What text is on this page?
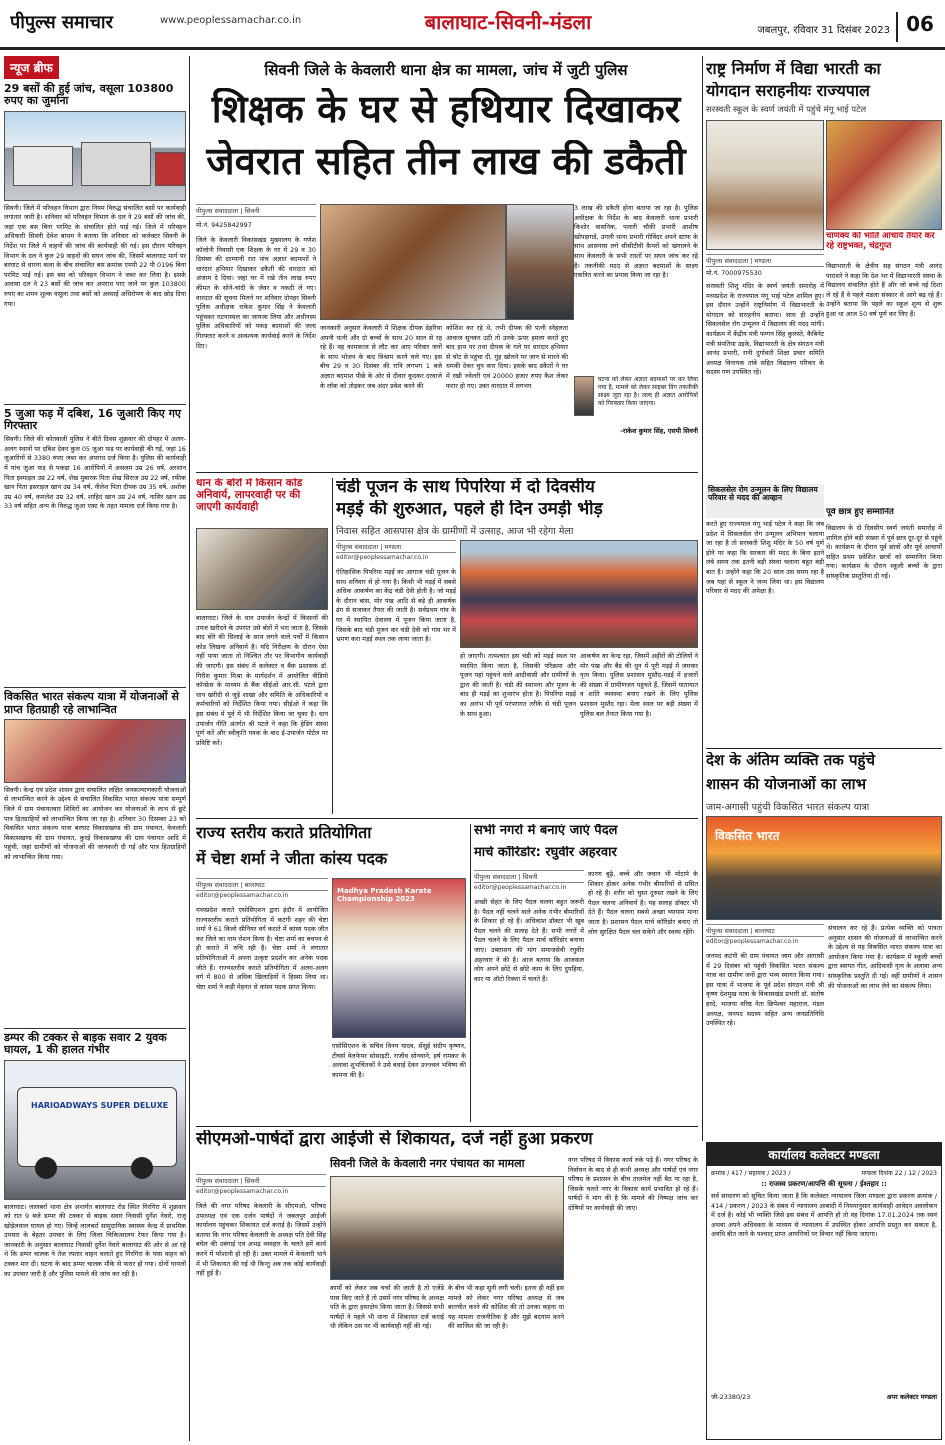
पीपुल्स समाचार	www.peoplessamachar.co.in	बालाघाट-सिवनी-मंडला	जबलपुर, रविवार 31 दिसंबर 2023 06
न्यूज ब्रीफ
29 बसों की हुई जांच, वसूला 103800 रुपए का जुर्माना
सिवनी। जिले में परिवहन विभाग द्वारा नियम विरुद्ध संचालित बसों पर कार्यवाही लगातार जारी है। शनिवार को परिवहन विभाग के दल ने 29 बसों की जांच की, जहां एक बस बिना परमिट के संचालित होते पाई गई। जिले में परिवहन अधिकारी सिवनी देवेश बाथम ने बताया कि शनिवार को कलेक्टर सिवनी के निर्देश पर जिले में वाहनों की जांच की कार्यवाही की गई। इस दौरान परिवहन विभाग के दल ने कुल 29 वाहनों की सघन जांच की, जिसमें बालाघाट मार्ग पर बरघाट से धारना कला के बीच संचालित बस क्रमांक एमपी 22 पी 0196 बिना परमिट पाई गई। इस बस को परिवहन विभाग ने जब्त कर लिया है। इसके अलावा दल ने 23 बसों की जांच कर अपराध पाए जाने पर कुल 103800 रुपए का शमन शुल्क वसूला तथा बसों को अस्थाई अधिरोपण के बाद छोड़ दिया गया।
5 जुआ फड़ में दबिश, 16 जुआरी किए गए गिरफ्तार
सिवनी। जिले की कोतवाली पुलिस ने बीते दिवस शुक्रवार की दोपहर में अलग-अलग स्थानों पर दबिश देकर कुल 05 जुआ फड़ पर कार्यवाही की गई, जहां 16 जुआरियों से 3380 रुपए जब्त कर अपराध दर्ज किया है। पुलिस की कार्यवाही में पांच जुआ फड़ से पकड़ा 16 आरोपियों में असलम उम्र 26 वर्ष, अरशान पिता इस्माइल उम्र 22 वर्ष, शेख मुबारक पिता शेख सिराज उम्र 22 वर्ष, रफीक खान पिता इसराइल खान उम्र 34 वर्ष, नीलेश पिता दीपक उम्र 35 वर्ष, अशोक उम्र 40 वर्ष, कमलेश उम्र 32 वर्ष, शाहिद खान उम्र 24 वर्ष, नासिर खान उम्र 33 वर्ष सहित अन्य के विरुद्ध जुआ एक्ट के तहत मामला दर्ज किया गया है।
विकसित भारत संकल्प यात्रा में योजनाओं से प्राप्त हितग्राही रहे लाभान्वित
सिवनी। केन्द्र एवं प्रदेश शासन द्वारा संचालित लक्षित जनकल्याणकारी योजनाओं से लाभान्वित करने के उद्देश्य से संचालित विकसित भारत संकल्प यात्रा सम्पूर्ण जिले में ग्राम पंचायतवार शिविरों का आयोजन कर योजनाओं के लाभ से छूटे पात्र हितग्राहियों को लाभान्वित किया जा रहा है। शनिवार 30 दिसम्बर 23 को विकसित भारत संकल्प यात्रा बरघाट विकासखण्ड की ग्राम पंचायत, केवलारी विकासखण्ड की ग्राम पंचायत, कुरई विकासखण्ड की ग्राम पंचायत आदि में पहुंची, जहां ग्रामीणों को योजनाओं की जानकारी दी गई और पात्र हितग्राहियों को लाभान्वित किया गया।
डम्पर की टक्कर से बाइक सवार 2 युवक घायल, 1 की हालत गंभीर
HARIOADWAYS SUPER DELUXE
बालाघाट। लालबर्रा थाना क्षेत्र अन्तर्गत बालाघाट रोड स्थित गिरगिरा में शुक्रवार को रात 9 बजे डम्पर की टक्कर से बाइक सवार निवासी दुर्गेश नेवारे, राजू खोड़ेलवाल घायल हो गए। जिन्हें लालबर्रा सामुदायिक स्वास्थ्य केन्द्र में प्राथमिक उपचार के बेहतर उपचार के लिए जिला चिकित्सालय रेफर किया गया है। जानकारी के अनुसार बालाघाट निवासी दुर्गेश नेवारे बालाघाट की ओर से आ रहे थे कि डम्पर चालक ने तेज रफ्तार वाहन चलाते हुए गिरगिरा के पास वाहन को टक्कर मार दी। घटना के बाद डम्पर चालक मौके से फरार हो गया। दोनों घायलों का उपचार जारी है और पुलिस मामले की जांच कर रही है।
सिवनी जिले के केवलारी थाना क्षेत्र का मामला, जांच में जुटी पुलिस
शिक्षक के घर से हथियार दिखाकर
जेवरात सहित तीन लाख की डकैती
पीपुल्स संवाददाता | सिवनी
मो.नं. 9425842997
जिले के केवलारी विकासखंड मुख्यालय के गणेश कॉलोनी निवासी एक शिक्षक के घर में 29 व 30 दिसंबर की दरम्यानी रात पांच अज्ञात बदमाशों ने धारदार हथियार दिखाकर डकैती की वारदात को अंजाम दे दिया। जहां घर में रखे तीन लाख रुपए कीमत के सोने-चांदी के जेवर व नकदी ले गए। वारदात की सूचना मिलने पर शनिवार दोपहर सिवनी पुलिस अधीक्षक राकेश कुमार सिंह ने केवलारी पहुंचकर घटनास्थल का जायजा लिया और अधीनस्थ पुलिस अधिकारियों को पकड़ बदमाशों की जल्द गिरफ्तार करने व आवश्यक कार्यवाई करने के निर्देश दिए।
जानकारी अनुसार केवलारी में शिक्षक दीपक डेहरिया अपनी पत्नी और दो बच्चों के साथ 20 साल से रह रहे हैं। वह कामकाज से लौट कर आए परिवार जनों के साथ भोजन के बाद विश्राम करने चले गए। इस बीच 29 व 30 दिसंबर की रात्रि लगभग 1 बजे अज्ञात बदमाश पीछे के ओर से दीवार कूदकर दरवाजे के लॉक को तोड़कर जब अंदर प्रवेश करने की
कोशिश कर रहे थे, तभी दीपक की पत्नी स्नेहलता आवाज सुनकर उठी तो उनके ऊपर हमला करते हुए बाद हाथ पर तथा दीपक के गले पर धारदार हथियार से चोट से पहुंचा दी, मुंह खोलने पर जान से मारने की धमकी देकर चुप करा दिया। इसके बाद डकैतों ने घर में रखी ज्वेलरी एवं 20000 हजार रुपए कैश लेकर फरार हो गए। उक्त वारदात में लगभग
3 लाख की डकैती होना बताया जा रहा है। पुलिस अधीक्षक के निर्देश के बाद केवलारी थाना प्रभारी किशोर वासनिक, पलारी चौकी प्रभारी आशीष खोपड़ागडे, उगली थाना प्रभारी गोविंदर अपने स्टाफ के साथ आसपास लगे सीसीटीवी कैमरों को खंगालने के साथ केवलारी के सभी रास्तों पर सघन जांच कर रहे हैं। तकनीकी मदद से अज्ञात बदमाशों के साक्ष्य एकत्रित करने का प्रयास किया जा रहा है।
घटना को लेकर अज्ञात बदमाशों पर कर लिया गया है, मामले को लेकर साइबर विंग तकनीकी साक्ष्य जुटा रहा है। जल्द ही अज्ञात आरोपियों को गिरफ्तार किया जाएगा।
-राकेश कुमार सिंह, एसपी सिवनी
धान के बोरों में किसान कोड अनिवार्य, लापरवाही पर की जाएगी कार्यवाही
बालाघाट। जिले के धान उपार्जन केन्द्रों में किसानों की उपज खरीदने के उपरांत उसे बोरों में भरा जाता है, जिसके बाद बोरे की सिलाई के साथ लगने वाले पर्चों में किसान कोड लिखना अनिवार्य है। यदि निरीक्षण के दौरान ऐसा नहीं पाया जाता तो निश्चित तौर पर विभागीय कार्यवाही की जाएगी। इस संबंध में कलेक्टर व बैंक प्रशासक डॉ. गिरीश कुमार मिश्रा के मार्गदर्शन में आयोजित वीडियो कॉन्फ्रेंस के माध्यम से बैंक सीईओ आर.सी. पटले द्वारा धान खरीदी से जुड़े शाखा और समिति के अधिकारियों व कर्मचारियों को निर्देशित किया गया। सीईओ ने कहा कि इस संबंध में पूर्व में भी निर्देशित किया जा चुका है। धान उपार्जन नीति अंतर्गत श्री पटले ने कहा कि हेडिंग संस्था पूर्ण करें और स्वीकृति पत्रक के बाद ई-उपार्जन पोर्टल पर प्रविष्टि करें।
चंडी पूजन के साथ पिपरिया में दो दिवसीय
मड़ई की शुरुआत, पहले ही दिन उमड़ी भीड़
निवास सहित आसपास क्षेत्र के ग्रामीणों में उत्साह, आज भी रहेगा मेला
पीपुल्स संवाददाता | मण्डला
editor@peoplessamachar.co.in
ऐतिहासिक पिपरिया मड़ई का आगाज चंडी पूजन के साथ शनिवार से हो गया है। किसी भी मड़ई में सबसे अधिक आकर्षण का केंद्र चंडी देवी होती है। जो मड़ई के दौरान बांस, मोर पंख आदि से बड़े ही आकर्षक ढंग से सजाकर तैयार की जाती है। सर्वप्रथम गांव के घर में स्थापित देवालय में पूजन किया जाता है, जिसके बाद चंडी पूजन कर चंडी देवी को गांव भर में भ्रमण करा मड़ई स्थल तक लाया जाता है।
हो जाएगी। तत्पश्चात इस चंडी को मड़ई स्थल पर स्थापित किया जाता है, जिसकी परिक्रमा और पूजन यहां पहुंचने वाले आदीवासी और ग्रामीणों के द्वारा की जाती है। चंडी की स्थापना और पूजन के बाद ही मड़ई का शुभारंभ होता है। पिपरिया मड़ई का आरंभ भी पूर्व परंपरागत तरीके से चंडी पूजन के साथ हुआ।
आकर्षण का केन्द्र रहा, जिसमें अहीरों की टोलियों ने मोर पंख और बैंड की धुन में पूरी मड़ई में जमकर नृत्य किया। पुलिस प्रशासन मुस्तैद-मड़ई में हजारों की संख्या में ग्रामीणजन पहुंचते हैं, जिसमें यातायात व शांति व्यवस्था बनाए रखने के लिए पुलिस प्रशासन मुस्तैद रहा। मेला स्थल पर बड़ी संख्या में पुलिस बल तैनात किया गया है।
राष्ट्र निर्माण में विद्या भारती का
योगदान सराहनीयः राज्यपाल
सरस्वती स्कूल के स्वर्ण जयंती में पहुंचे मंगू भाई पटेल
पीपुल्स संवाददाता | मण्डला
मो.नं. 7000975530
चाणक्य की भांति आचार्य तैयार कर रहे राष्ट्रभक्त, चंद्रगुप्त
सरस्वती शिशु मंदिर के स्वर्ण जयंती समारोह में मध्यप्रदेश के राज्यपाल मंगू भाई पटेल शामिल हुए। इस दौरान उन्होंने राष्ट्रनिर्माण में विद्याभारती के योगदान को सराहनीय बताया। साथ ही उन्होंने सिकलसेल रोग उन्मूलन में विद्यालय की मदद मांगी। कार्यक्रम में केंद्रीय मंत्री फग्गन सिंह कुलस्ते, कैबिनेट मंत्री संपतिया उइके, विद्याभारती के क्षेत्र संगठन मंत्री आनंद प्रभारी, रानी दुर्गावती शिक्षा प्रचार समिति अध्यक्ष विनायक तांबे सहित विद्यालय परिवार के सदस्य गण उपस्थित रहे।
विद्याभारती के क्षेत्रीय सह संगठन मंत्री आनंद पाराशरे ने कहा कि देश भर में विद्याभारती संस्था के विद्यालय संचालित होते हैं और जो बच्चे नई दिशा ले रहे हैं वे पहले मंडला संस्कार से आगे बढ़ रहे हैं। उन्होंने बताया कि पहले का स्कूल शून्य से शुरू हुआ था आज 50 वर्ष पूर्ण कर लिए हैं।
सिकलसेल रोग उन्मूलन के लिए विद्यालय परिवार से मदद की आव्हान
करते हुए राज्यपाल मंगू भाई पटेल ने कहा कि जब प्रदेश में सिकलसेल रोग उन्मूलन अभियान चलाया जा रहा है तो सरस्वती शिशु मंदिर के 50 वर्ष पूर्ण होने पर कहा कि सरकार की मदद के बिना इतने लंबे समय तक इतनी बड़ी संस्था चलाना बहुत बड़ी बात है। उन्होंने कहा कि 20 साल उस समय रहा है जब यहां से स्कूल ने जन्म लिया था। इस विद्यालय परिवार से मदद की अपेक्षा है।
पूर्व छात्र हुए सम्मानित
विद्यालय के दो दिवसीय स्वर्ण जयंती समारोह में शामिल होने बड़ी संख्या में पूर्व छात्र दूर-दूर से पहुंचे थे। कार्यक्रम के दौरान पूर्व छात्रों और पूर्व आचार्यों सहित प्रथम प्रवेशित छात्रों को सम्मानित किया गया। कार्यक्रम के दौरान स्कूली बच्चों के द्वारा सांस्कृतिक प्रस्तुतियां दी गईं।
राज्य स्तरीय कराते प्रतियोगिता
में चेष्टा शर्मा ने जीता कांस्य पदक
पीपुल्स संवाददाता | बालाघाट
editor@peoplessamachar.co.in
मध्यप्रदेश कराते एसोसिएशन द्वारा इंदौर में आयोजित राज्यस्तरीय कराते प्रतियोगिता में कटंगी शहर की चेष्टा शर्मा ने 61 किलो सीनियर वर्ग कराते में कांस्य पदक जीत कर जिले का नाम रोशन किया है। चेष्टा शर्मा का बचपन से ही कराते में रुचि रही है। चेष्टा शर्मा ने लगातार प्रतियोगिताओं में अपना उत्कृष्ट प्रदर्शन कर अनेक पदक जीते हैं। राज्यस्तरीय कराते प्रतियोगिता में अलग-अलग वर्ग में 800 से अधिक खिलाड़ियों ने हिस्सा लिया था। चेष्टा शर्मा ने कड़ी मेहनत से कांस्य पदक प्राप्त किया।
Madhya Pradesh Karate Championship 2023
एसोसिएशन के सचिव विनय यादव, सेंसुई संदीप कृष्णन, टीचर्स वेलफेयर सोसाइटी, राजीव सोनवाने, हर्ष रामकर के अलावा शुभचिंतकों ने उसे बधाई देकर उज्ज्वल भविष्य की कामना की है।
सभी नगरों में बनाएं जाएं पैदल
मार्च कॉरिडोर: रघुवीर अहरवार
पीपुल्स संवाददाता | सिवनी
editor@peoplessamachar.co.in
अच्छी सेहत के लिए पैदल चलना बहुत जरूरी है। पैदल नहीं चलने वाले अनेक गंभीर बीमारियों के शिकार हो रहे हैं। अधिकांश डॉक्टर भी खूब पैदल चलने की सलाह देते हैं। सभी नगरों में पैदल चलने के लिए पैदल मार्च कॉरिडोर बनाया जाए। उक्ताशय की मांग समाजसेवी रघुवीर अहरवार ने की है। आज बताया कि आजकल लोग अपने छोटे से छोटे काम के लिए दुपहिया, कार या ऑटो रिक्शा में चलते हैं।
कारण बूढ़े, बच्चे और जवान भी मोटापे के शिकार होकर अनेक गंभीर बीमारियों से ग्रसित हो रहे हैं। शरीर को चुस्त दुरुस्त रखने के लिए पैदल चलना अनिवार्य है। यह सलाह डॉक्टर भी देते हैं। पैदल चलना सबसे अच्छा व्यायाम माना जाता है। प्रशासन पैदल मार्च कॉरिडोर बनाए तो लोग सुरक्षित पैदल चल सकेंगे और स्वस्थ रहेंगे।
देश के अंतिम व्यक्ति तक पहुंचे
शासन की योजनाओं का लाभ
जाम-अगासी पहुंची विकसित भारत संकल्प यात्रा
विकसित भारत
पीपुल्स संवाददाता | बालाघाट
editor@peoplessamachar.co.in
जनपद कटंगी की ग्राम पंचायत जाम और आगासी में 29 दिसंबर को पहुंची विकसित भारत संकल्प यात्रा का ग्रामीण जनों द्वारा भव्य स्वागत किया गया। इस यात्रा में भाजपा के पूर्व प्रदेश संगठन मंत्री श्री कृष्ण देशमुख यात्रा के विकासखंड प्रभारी डॉ. संतोष हरदे, भाजपा वरिष्ठ नेता छिपेश्वर महाराज, मंडल अध्यक्ष, जनपद सदस्य सहित अन्य जनप्रतिनिधि उपस्थित रहे।
संचालन कर रहे हैं। प्रत्येक व्यक्ति को पात्रता अनुसार शासन की योजनाओं से लाभान्वित करने के उद्देश्य से यह विकसित भारत संकल्प यात्रा का आयोजन किया गया है। कार्यक्रम में स्कूली बच्चों द्वारा स्वागत गीत, आदिवासी नृत्य के अलावा अन्य सांस्कृतिक प्रस्तुति दी गई। वहीं ग्रामीणों ने शासन की योजनाओं का लाभ लेने का संकल्प लिया।
सीएमओ-पार्षदों द्वारा आईजी से शिकायत, दर्ज नहीं हुआ प्रकरण
सिवनी जिले के केवलारी नगर पंचायत का मामला
पीपुल्स संवाददाता | सिवनी
editor@peoplessamachar.co.in
जिले की नगर परिषद केवलारी के सीएमओ, परिषद उपाध्यक्ष एवं एक दर्जन पार्षदों ने जबलपुर आईजी कार्यालय पहुंचकर शिकायत दर्ज कराई है। जिसमें उन्होंने बताया कि नगर परिषद केवलारी के अध्यक्ष पति देवी सिंह बघेल की दबंगाई एवं अभद्र व्यवहार के चलते हमें कार्य करने में परेशानी हो रही है। उक्त मामले में केवलारी थाने में भी शिकायत की गई थी किन्तु अब तक कोई कार्यवाही नहीं हुई है।
कार्यों को लेकर जब चर्चा की जाती है तो एजेंडे पास किए जाते हैं तो उसमें नगर परिषद के अध्यक्ष पति के द्वारा हस्तक्षेप किया जाता है। जिससे सभी पार्षदों ने पहले भी थाना में शिकायत दर्ज कराई थी लेकिन उस पर भी कार्यवाही नहीं की गई।
के बीच भी कहा सुनी लगी चली। इतना ही नहीं इस मामले को लेकर नगर परिषद अध्यक्ष से जब बातचीत करने की कोशिश की तो उनका कहना था यह मामला राजनीतिक है और मुझे बदनाम करने की साजिश की जा रही है।
नगर परिषद में विकास कार्य रुके पड़े हैं। नगर परिषद के निर्वाचन के बाद से ही कभी अध्यक्ष और पार्षदों एवं नगर परिषद के प्रशासन के बीच तालमेल नहीं बैठ पा रहा है, जिसके चलते नगर के विकास कार्य प्रभावित हो रहे हैं। पार्षदों ने मांग की है कि मामले की निष्पक्ष जांच कर दोषियों पर कार्यवाही की जाए।
कार्यालय कलेक्टर मण्डला
क्रमांक / 417 / सहायक / 2023 /	मण्डला दिनांक 22 / 12 / 2023
:: राजस्व प्रकरण/आपत्ति की सूचना / ईश्तहार ::
सर्व साधारण को सूचित किया जाता है कि कलेक्टर न्यायालय जिला मण्डला द्वारा प्रकरण क्रमांक / 414 / प्रकरण / 2023 के संबंध में न्यायालय आबादी में नियमानुसार कार्यवाही आवेदन अवलोकन में दर्ज है। कोई भी व्यक्ति जिसे इस संबंध में आपत्ति हो तो वह दिनांक 17.01.2024 तक स्वयं अथवा अपने अधिवक्ता के माध्यम से न्यायालय में उपस्थित होकर आपत्ति प्रस्तुत कर सकता है, अवधि बीत जाने के पश्चात् प्राप्त आपत्तियों पर विचार नहीं किया जाएगा।
जी-23380/23	अपर कलेक्टर मण्डला
